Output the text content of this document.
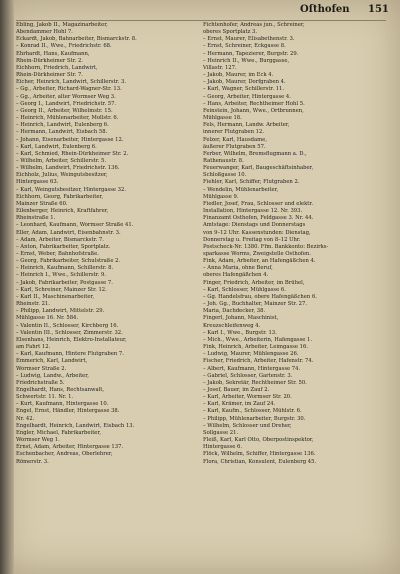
Oſthofen 151
Ebling, Jakob II., Magazinarbeiter,
Abendammer Hohl 7.
Eckardt, Jakob, Bahnarbeiter, Bismarckstr. 8.
– Konrad II., Wwe., Friedrichstr. 68.
Ehrhardt, Hans, Kaufmann,
Rhein-Dürkheimer Str. 2.
Eichhorn, Friedrich, Landwirt,
Rhein-Dürkheimer Str. 7.
Eicher, Heinrich, Landwirt, Schillerstr. 3.
– Gg., Arbeiter, Richard-Wagner-Str. 13.
– Gg., Arbeiter, alter Wormser Weg 3.
– Georg I., Landwirt, Friedrichstr. 57.
– Georg II., Arbeiter, Wilhelmstr. 15.
– Heinrich, Mühlenarbeiter, Mollstr. 6.
– Heinrich, Landwirt, Eulenberg 6.
– Hermann, Landwirt, Eisbach 58.
– Johann, Eisenarbeiter, Hintergasse 12.
– Karl, Landwirt, Eulenberg 6.
– Karl, Schmied, Rhein-Dürkheimer Str. 2.
– Wilhelm, Arbeiter, Schillerstr. 5.
– Wilhelm, Landwirt, Friedrichstr. 136.
Eichholz, Julius, Weingutsbesitzer,
Hintergasse 63.
– Karl, Weingutsbesitzer, Hintergasse 32.
Eichhorn, Georg, Fabrikarbeiter,
Mainzer Straße 60.
Eilenberger, Heinrich, Kraftfahrer,
Rheinstraße 1.
– Leonhard, Kaufmann, Wormser Straße 41.
Eller, Adam, Landwirt, Eisenbahnstr. 3.
– Adam, Arbeiter, Bismarckstr. 7.
– Anton, Fabrikarbeiter, Sportplatz.
– Ernst, Weber, Bahnhofstraße.
– Georg, Fabrikarbeiter, Schulstraße 2.
– Heinrich, Kaufmann, Schillerstr. 8.
– Heinrich I., Wwe., Schillerstr. 9.
– Jakob, Fabrikarbeiter, Postgasse 7.
– Karl, Schreiner, Mainzer Str. 12.
– Karl II., Maschinenarbeiter,
Rheinstr. 21.
– Philipp, Landwirt, Mittelstr. 29.
Mühlgasse 16. Nr. 584.
– Valentin II., Schlosser, Kirchberg 16.
– Valentin III., Schlosser, Zimmerstr. 32.
Elsenhans, Heinrich, Elektro-Installateur,
am Fahrt 12.
– Karl, Kaufmann, Hintere Flutgraben 7.
Emmerich, Karl, Landwirt,
Wormser Straße 2.
– Ludwig, Landw., Arbeiter,
Friedrichstraße 5.
Engelhardt, Hans, Rechtsanwalt,
Schwertstr. 11. Nr. 1.
– Kurt, Kaufmann, Hintergasse 10.
Engel, Ernst, Händler, Hintergasse 38.
Nr. 42.
Engelhardt, Heinrich, Landwirt, Eisbach 13.
Engler, Michael, Fabrikarbeiter,
Wormser Weg 1.
Ernst, Adam, Arbeiter, Hintergasse 137.
Eschenbacher, Andreas, Oberlehrer,
Römerstr. 3.
Fichtenhofer, Andreas jun., Schreiner,
oberes Sportplatz 3.
– Ernst, Maurer, Elisabethenstr. 3.
– Ernst, Schreiner, Eckgasse 8.
– Hermann, Tapezierer, Burgstr. 29.
– Heinrich II., Wwe., Burggasse,
Villastr. 127.
– Jakob, Maurer, im Eck 4.
– Jakob, Maurer, Dorfgraben 4.
– Karl, Wagner, Schillerstr. 11.
– Georg, Arbeiter, Hintergasse 4.
– Hans, Arbeiter, Rechtheimer Hohl 5.
Feinstein, Johann, Wwe., Ortbrunnen,
Mühlgasse 18.
Fels, Hermann, Landw. Arbeiter,
innerer Flutgraben 12.
Felzer, Karl, Hausdame,
äußerer Flutgraben 57.
Ferber, Wilhelm, Bremsflugmann a. D.,
Rathenaustr. 8.
Feuerwanger, Karl, Baugeschäftsinhaber,
Schloßgasse 10.
Fiehler, Karl, Schiffer, Flutgraben 2.
– Wendelin, Mühlenarbeiter,
Mühlgasse 9.
Fiedler, Josef, Frau, Schlosser und elektr.
Installation, Hintergasse 12. Nr. 393.
Finanzamt Osthofen, Feldgasse 3. Nr. 44.
Amtstage: Dienstags und Donnerstags
von 9–12 Uhr. Kassenstunden: Dienstag,
Donnerstag u. Freitag von 8–12 Uhr.
Postscheck-Nr. 1380. Ffm. Bankkonto: Bezirks-
sparkasse Worms, Zweigstelle Osthofen.
Fink, Adam, Arbeiter, an Hafengäßchen 4.
– Anna Maria, ohne Beruf,
oberes Hafengäßchen 4.
Finger, Friedrich, Arbeiter, im Brühel,
– Karl, Schlosser, Mühlgasse 6.
– Gg. Handelsfrau, obere Hafengäßchen 6.
– Joh. Gg., Buchhalter, Mainzer Str. 27.
Maria, Dachdecker, 38.
Fingerl, Johann, Maschinist,
Kreuzschleifenweg 4.
– Karl I., Wwe., Burgstr. 13.
– Mich., Wwe., Arbeiterin, Hafengasse 1.
Fink, Heinrich, Arbeiter, Leimgasse 16.
– Ludwig, Maurer, Mühlengasse 26.
Fischer, Friedrich, Arbeiter, Hafenstr. 74.
– Albert, Kaufmann, Hintergasse 74.
– Gabriel, Schlosser, Gartenstr. 3.
– Jakob, Sekretär, Rechtheimer Str. 50.
– Josef, Bauer, im Zauf 2.
– Karl, Arbeiter, Wormser Str. 20.
– Karl, Krämer, im Zauf 24.
– Karl, Kaufm., Schlosser, Mühlstr. 6.
– Philipp, Mühlenarbeiter, Burgstr. 30.
– Wilhelm, Schlosser und Dreher,
Sollgasse 21.
Fleiß, Karl, Karl Otto, Oberpostinspektor,
Hintergasse 6.
Flöck, Wilhelm, Schiffer, Hintergasse 136.
Flora, Christian, Konsulent, Eulenberg 45.
